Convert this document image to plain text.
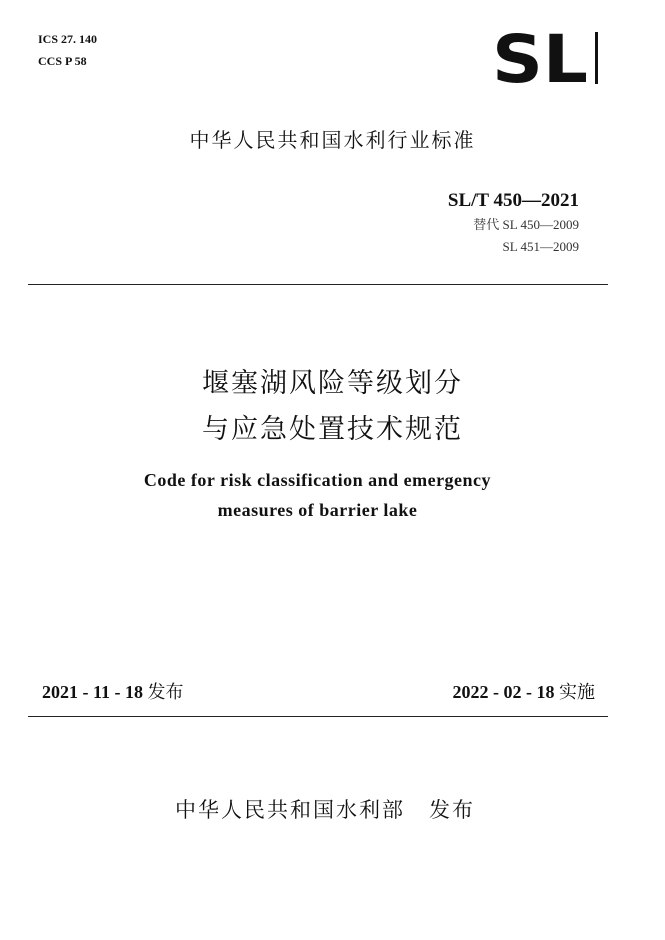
ICS 27. 140
CCS P 58	SL
中华人民共和国水利行业标准
SL/T 450—2021
替代 SL 450—2009
SL 451—2009
堰塞湖风险等级划分
与应急处置技术规范
Code for risk classification and emergency
measures of barrier lake
2021 - 11 - 18 发布	2022 - 02 - 18 实施
中华人民共和国水利部 发布
